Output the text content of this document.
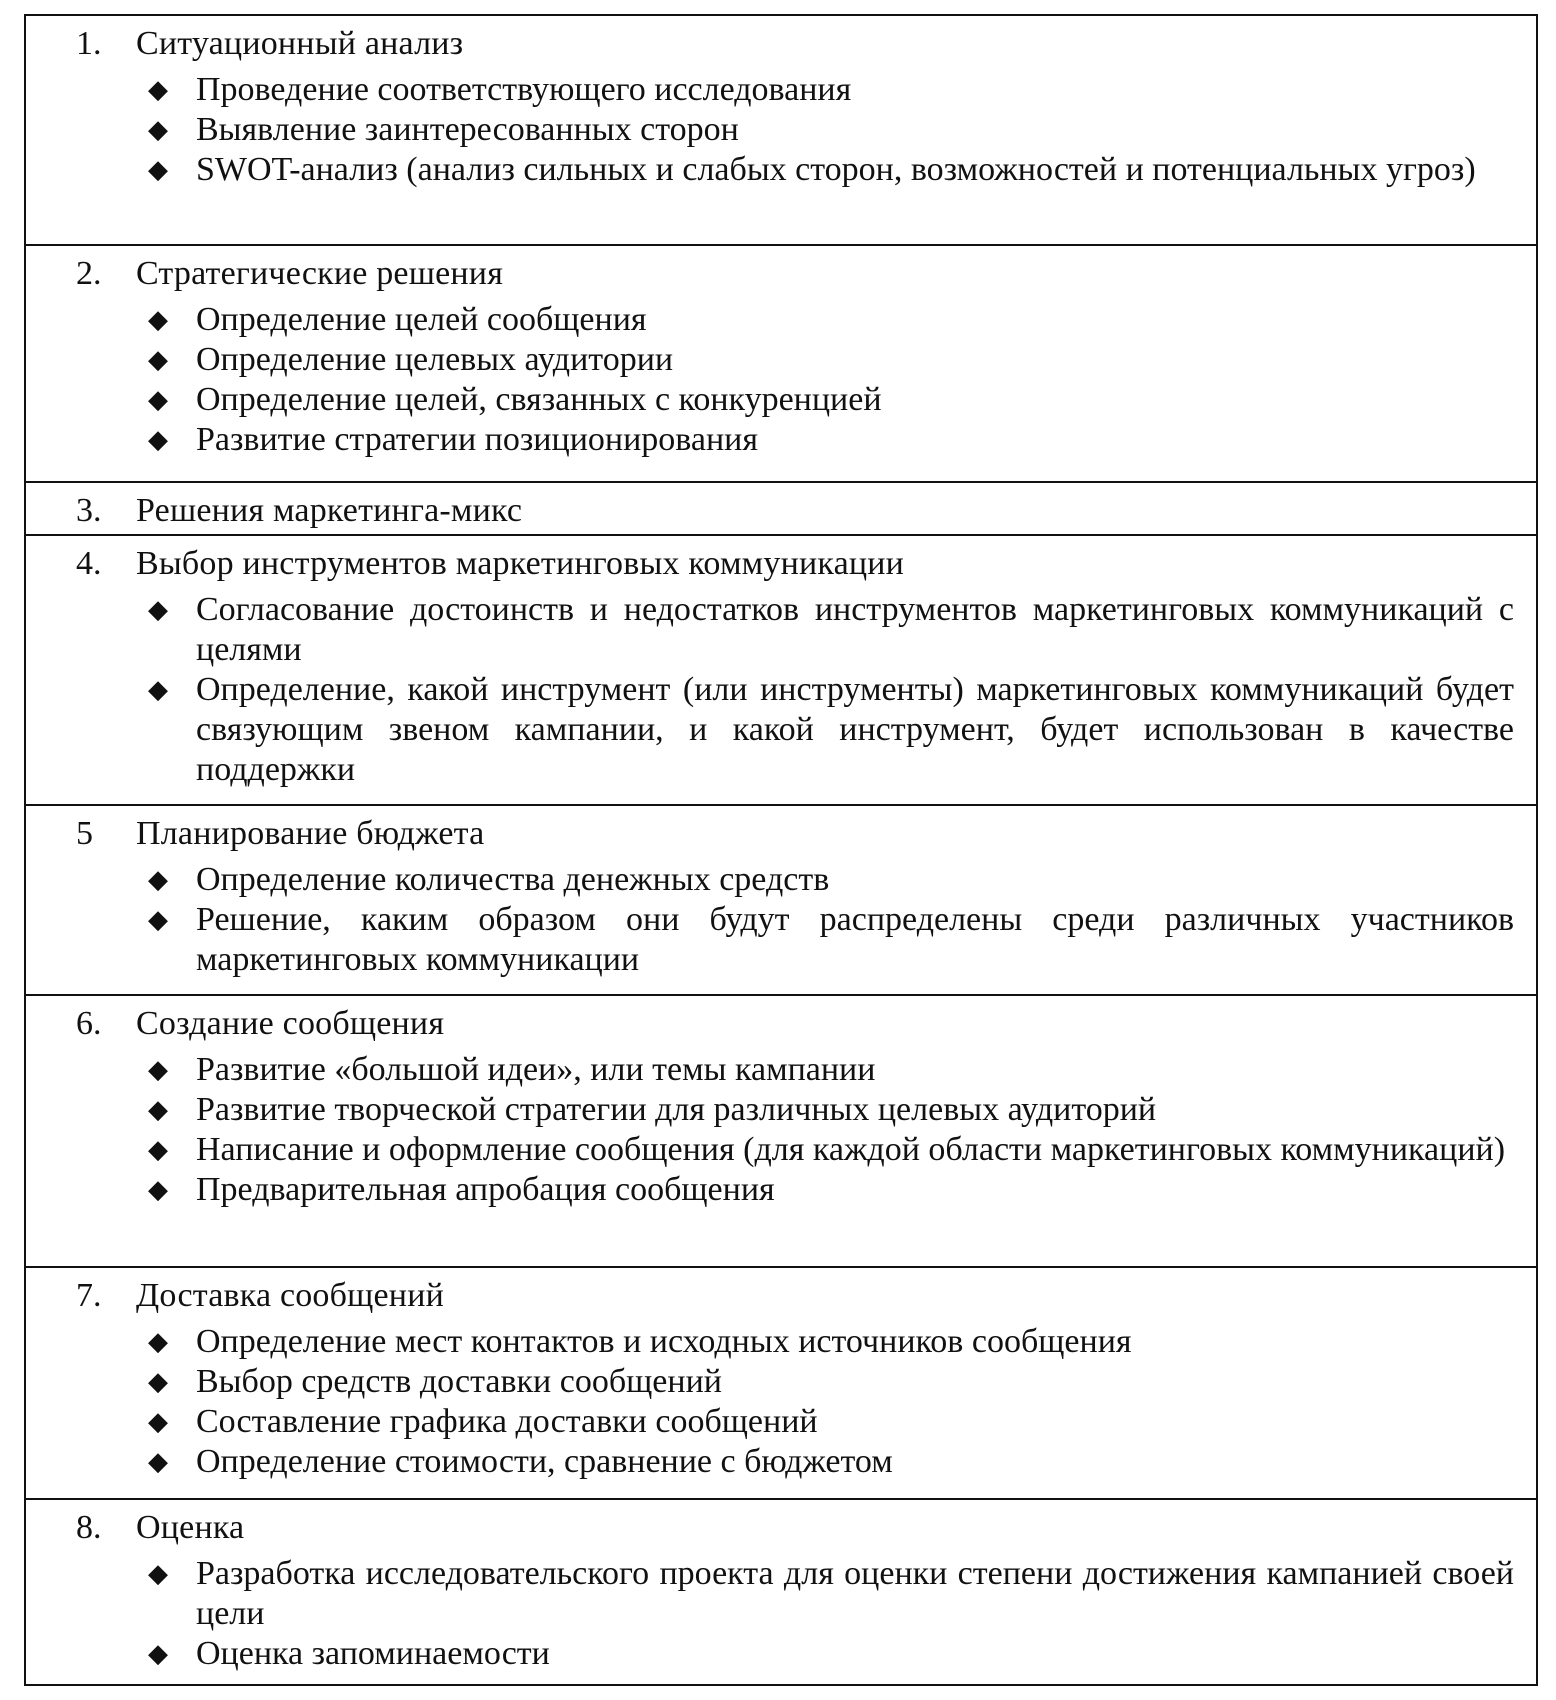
1.	Ситуационный анализ
◆ Проведение соответствующего исследования
◆ Выявление заинтересованных сторон
◆ SWOT-анализ (анализ сильных и слабых сторон, возможностей и потенциальных угроз)
2.	Стратегические решения
◆ Определение целей сообщения
◆ Определение целевых аудитории
◆ Определение целей, связанных с конкуренцией
◆ Развитие стратегии позиционирования
3.	Решения маркетинга-микс
4.	Выбор инструментов маркетинговых коммуникации
◆ Согласование достоинств и недостатков инструментов маркетинговых коммуникаций с целями
◆ Определение, какой инструмент (или инструменты) маркетинговых коммуникаций будет связующим звеном кампании, и какой инструмент, будет использован в качестве поддержки
5	Планирование бюджета
◆ Определение количества денежных средств
◆ Решение, каким образом они будут распределены среди различных участников маркетинговых коммуникации
6.	Создание сообщения
◆ Развитие «большой идеи», или темы кампании
◆ Развитие творческой стратегии для различных целевых аудиторий
◆ Написание и оформление сообщения (для каждой области маркетинговых коммуникаций)
◆ Предварительная апробация сообщения
7.	Доставка сообщений
◆ Определение мест контактов и исходных источников сообщения
◆ Выбор средств доставки сообщений
◆ Составление графика доставки сообщений
◆ Определение стоимости, сравнение с бюджетом
8.	Оценка
◆ Разработка исследовательского проекта для оценки степени достижения кампанией своей цели
◆ Оценка запоминаемости
